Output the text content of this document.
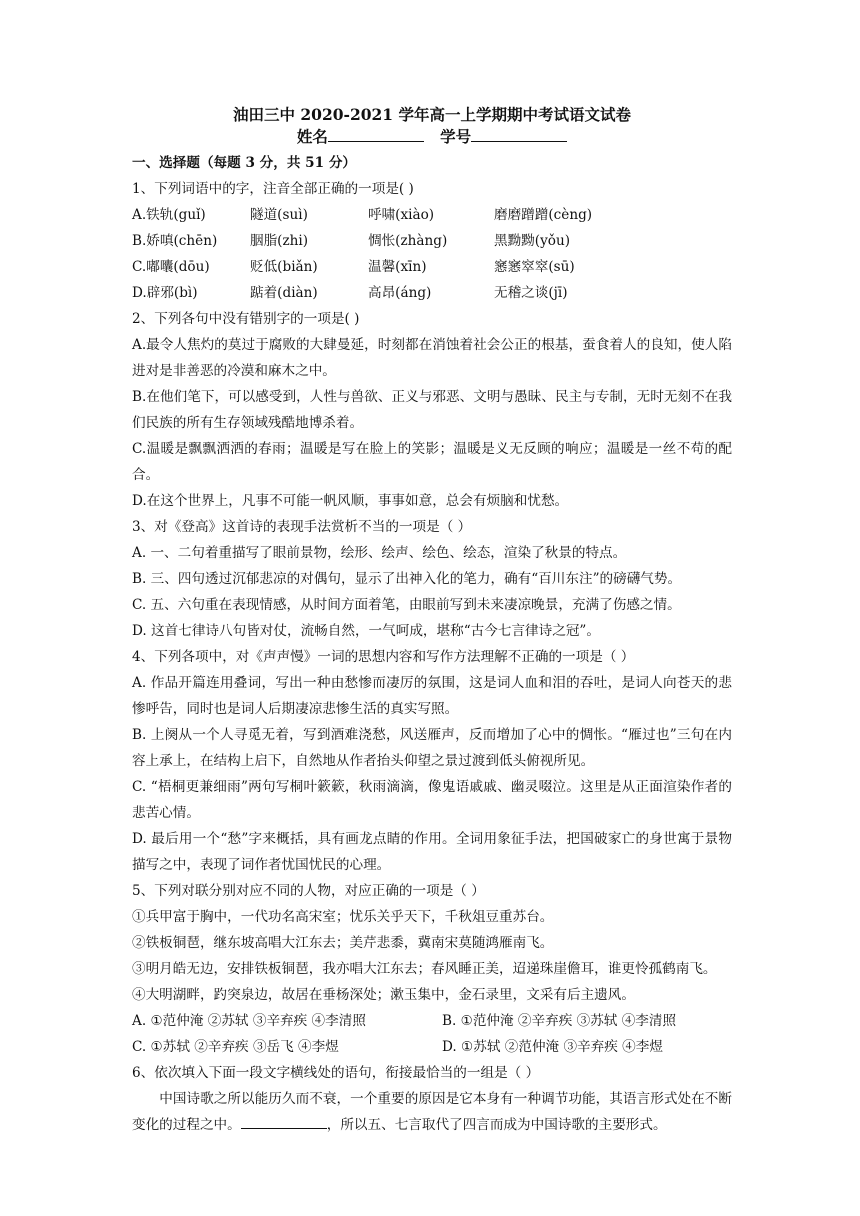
油田三中 2020-2021 学年高一上学期期中考试语文试卷
姓名	学号
一、选择题（每题 3 分，共 51 分）
1、下列词语中的字，注音全部正确的一项是( )
A.铁轨(guǐ)	隧道(suì)	呼啸(xiào)	磨磨蹭蹭(cèng)
B.娇嗔(chēn)	胭脂(zhi)	惆怅(zhàng)	黑黝黝(yǒu)
C.嘟囔(dōu)	贬低(biǎn)	温馨(xīn)	窸窸窣窣(sū)
D.辟邪(bì)	踮着(diàn)	高昂(áng)	无稽之谈(jī)
2、下列各句中没有错别字的一项是( )

A.最令人焦灼的莫过于腐败的大肆曼延，时刻都在消蚀着社会公正的根基，蚕食着人的良知，使人陷进对是非善恶的冷漠和麻木之中。

B.在他们笔下，可以感受到，人性与兽欲、正义与邪恶、文明与愚昧、民主与专制，无时无刻不在我们民族的所有生存领域残酷地博杀着。

C.温暖是飘飘洒洒的春雨；温暖是写在脸上的笑影；温暖是义无反顾的响应；温暖是一丝不苟的配合。

D.在这个世界上，凡事不可能一帆风顺，事事如意，总会有烦脑和忧愁。

3、对《登高》这首诗的表现手法赏析不当的一项是（ ）

A. 一、二句着重描写了眼前景物，绘形、绘声、绘色、绘态，渲染了秋景的特点。

B. 三、四句透过沉郁悲凉的对偶句，显示了出神入化的笔力，确有“百川东注”的磅礴气势。

C. 五、六句重在表现情感，从时间方面着笔，由眼前写到未来凄凉晚景，充满了伤感之情。

D. 这首七律诗八句皆对仗，流畅自然，一气呵成，堪称“古今七言律诗之冠”。

4、下列各项中，对《声声慢》一词的思想内容和写作方法理解不正确的一项是（ ）

A. 作品开篇连用叠词，写出一种由愁惨而凄厉的氛围，这是词人血和泪的吞吐，是词人向苍天的悲惨呼告，同时也是词人后期凄凉悲惨生活的真实写照。

B. 上阕从一个人寻觅无着，写到酒难浇愁，风送雁声，反而增加了心中的惆怅。“雁过也”三句在内容上承上，在结构上启下，自然地从作者抬头仰望之景过渡到低头俯视所见。

C. “梧桐更兼细雨”两句写桐叶簌簌，秋雨滴滴，像鬼语戚戚、幽灵啜泣。这里是从正面渲染作者的悲苦心情。

D. 最后用一个“愁”字来概括，具有画龙点睛的作用。全词用象征手法，把国破家亡的身世寓于景物描写之中，表现了词作者忧国忧民的心理。

5、下列对联分别对应不同的人物，对应正确的一项是（ ）

①兵甲富于胸中，一代功名高宋室；忧乐关乎天下，千秋俎豆重苏台。

②铁板铜琶，继东坡高唱大江东去；美芹悲黍，冀南宋莫随鸿雁南飞。

③明月皓无边，安排铁板铜琶，我亦唱大江东去；春风睡正美，迢递珠崖儋耳，谁更怜孤鹤南飞。

④大明湖畔，趵突泉边，故居在垂杨深处；漱玉集中，金石录里，文采有后主遗风。

A. ①范仲淹 ②苏轼 ③辛弃疾 ④李清照	B. ①范仲淹 ②辛弃疾 ③苏轼 ④李清照
C. ①苏轼 ②辛弃疾 ③岳飞 ④李煜	D. ①苏轼 ②范仲淹 ③辛弃疾 ④李煜
6、依次填入下面一段文字横线处的语句，衔接最恰当的一组是（ ）

中国诗歌之所以能历久而不衰，一个重要的原因是它本身有一种调节功能，其语言形式处在不断变化的过程之中。	，所以五、七言取代了四言而成为中国诗歌的主要形式。
